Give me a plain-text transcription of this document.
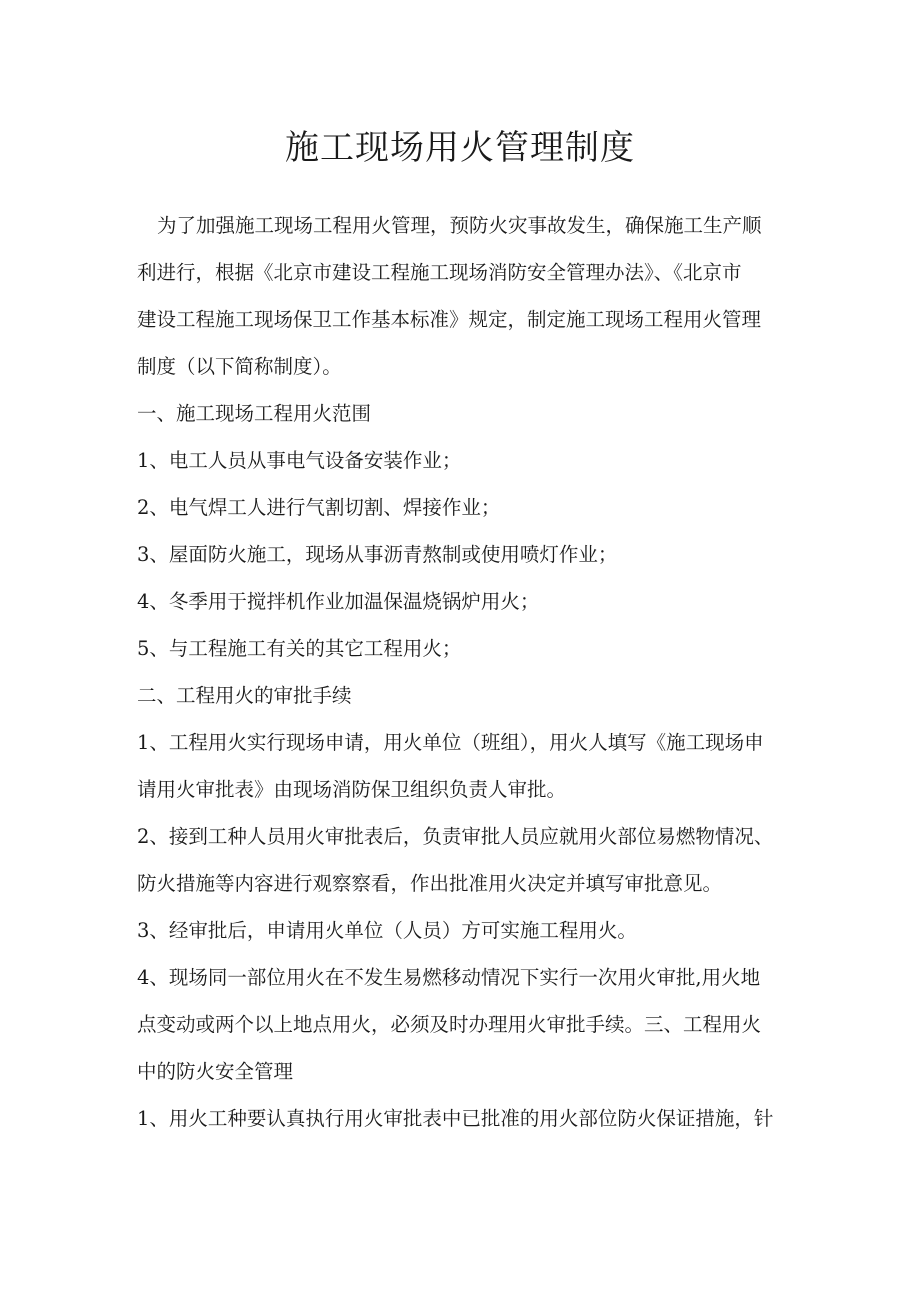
施工现场用火管理制度

为了加强施工现场工程用火管理，预防火灾事故发生，确保施工生产顺

利进行，根据《北京市建设工程施工现场消防安全管理办法》、《北京市

建设工程施工现场保卫工作基本标准》规定，制定施工现场工程用火管理

制度（以下简称制度）。

一、施工现场工程用火范围

1、电工人员从事电气设备安装作业；

2、电气焊工人进行气割切割、焊接作业；

3、屋面防火施工，现场从事沥青熬制或使用喷灯作业；

4、冬季用于搅拌机作业加温保温烧锅炉用火；

5、与工程施工有关的其它工程用火；

二、工程用火的审批手续

1、工程用火实行现场申请，用火单位（班组），用火人填写《施工现场申

请用火审批表》由现场消防保卫组织负责人审批。

2、接到工种人员用火审批表后，负责审批人员应就用火部位易燃物情况、

防火措施等内容进行观察察看，作出批准用火决定并填写审批意见。

3、经审批后，申请用火单位（人员）方可实施工程用火。

4、现场同一部位用火在不发生易燃移动情况下实行一次用火审批,用火地

点变动或两个以上地点用火，必须及时办理用火审批手续。三、工程用火

中的防火安全管理

1、用火工种要认真执行用火审批表中已批准的用火部位防火保证措施，针
